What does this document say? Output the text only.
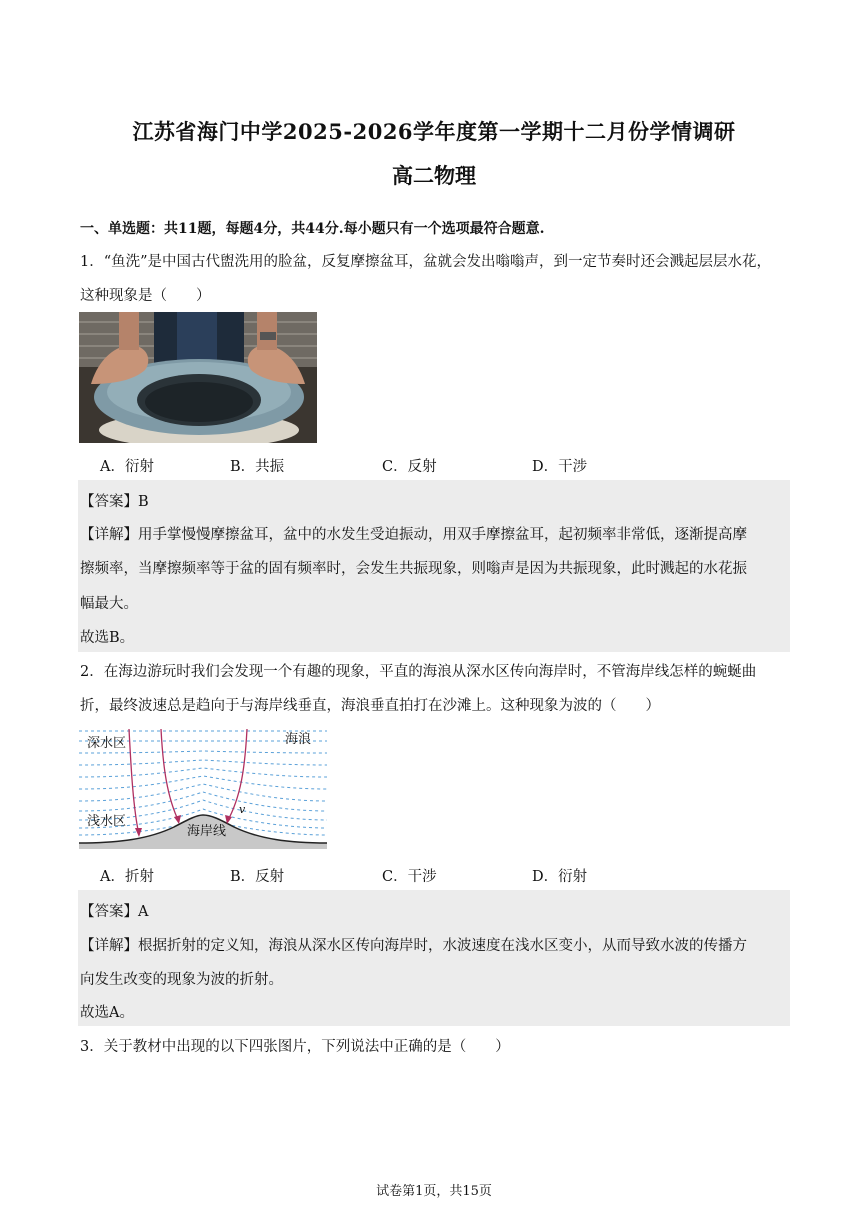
江苏省海门中学2025-2026学年度第一学期十二月份学情调研
高二物理
一、单选题：共11题，每题4分，共44分.每小题只有一个选项最符合题意.
1．“鱼洗”是中国古代盥洗用的脸盆，反复摩擦盆耳，盆就会发出嗡嗡声，到一定节奏时还会溅起层层水花，
这种现象是（　　）
A．衍射	B．共振	C．反射	D．干涉
【答案】B
【详解】用手掌慢慢摩擦盆耳，盆中的水发生受迫振动，用双手摩擦盆耳，起初频率非常低，逐渐提高摩
擦频率，当摩擦频率等于盆的固有频率时，会发生共振现象，则嗡声是因为共振现象，此时溅起的水花振
幅最大。
故选B。
2．在海边游玩时我们会发现一个有趣的现象，平直的海浪从深水区传向海岸时，不管海岸线怎样的蜿蜒曲
折，最终波速总是趋向于与海岸线垂直，海浪垂直拍打在沙滩上。这种现象为波的（　　）
深水区	海浪
浅水区
海岸线
v
A．折射	B．反射	C．干涉	D．衍射
【答案】A
【详解】根据折射的定义知，海浪从深水区传向海岸时，水波速度在浅水区变小，从而导致水波的传播方
向发生改变的现象为波的折射。
故选A。
3．关于教材中出现的以下四张图片，下列说法中正确的是（　　）
试卷第1页，共15页
